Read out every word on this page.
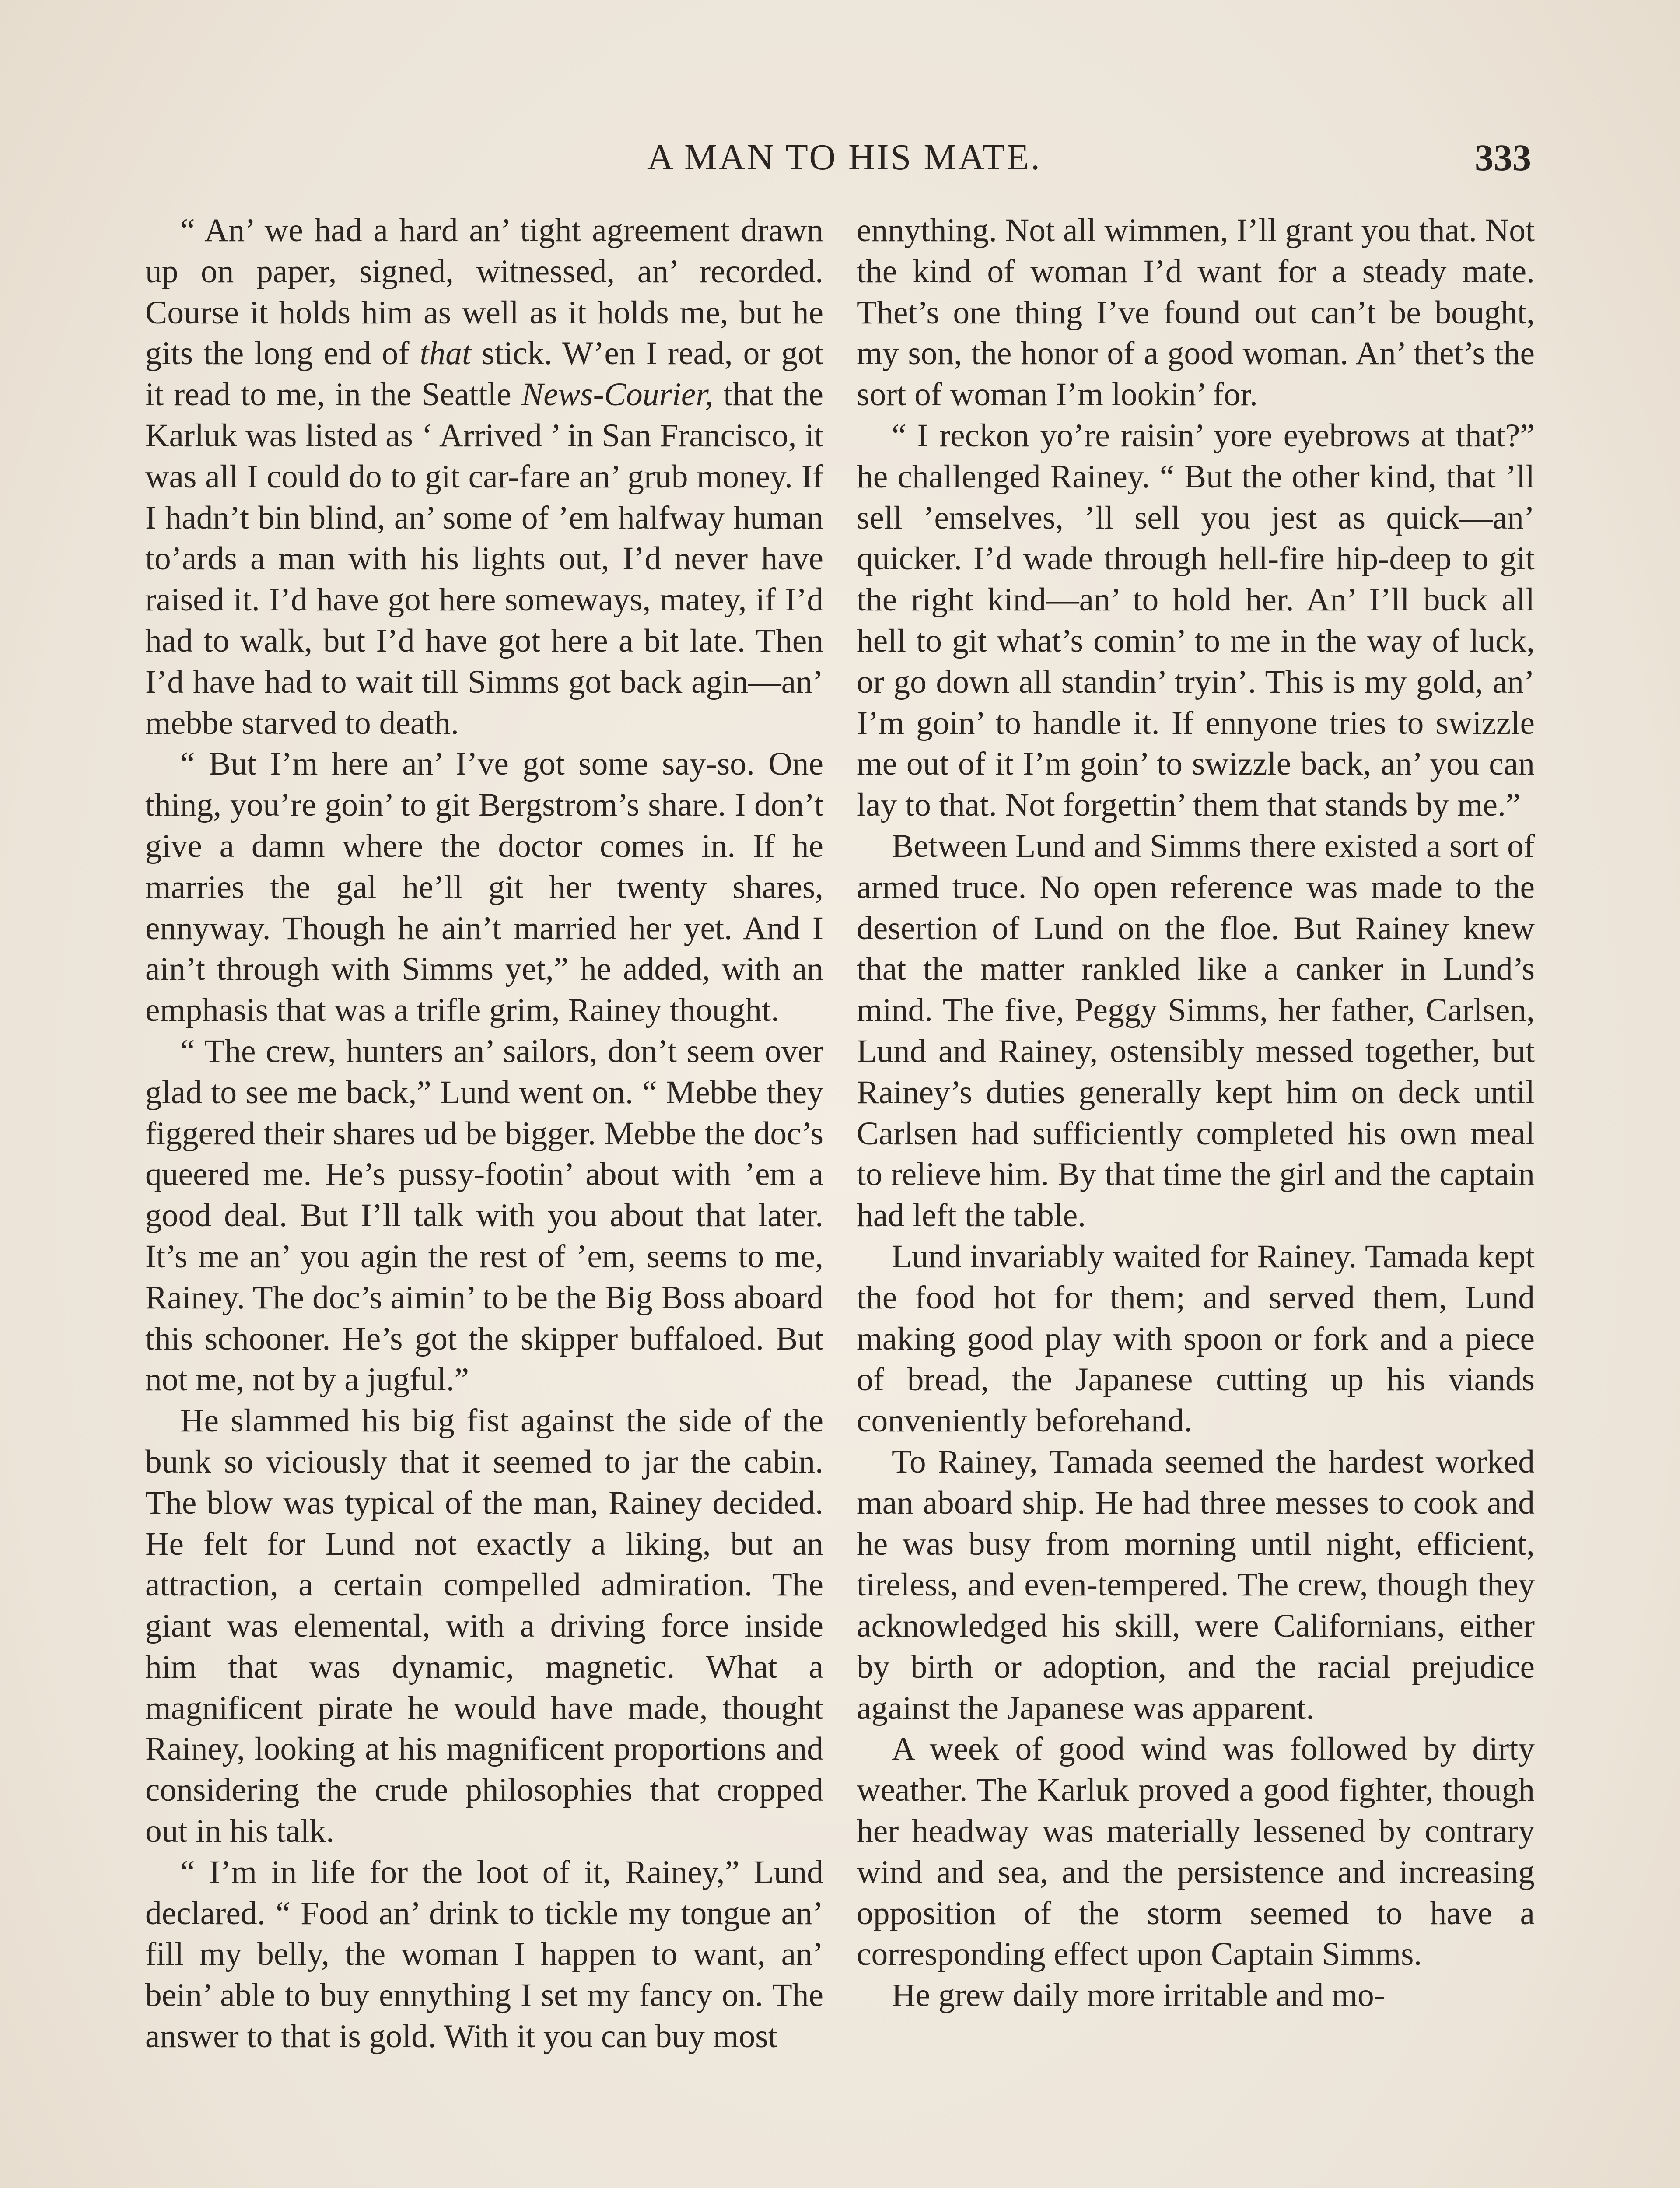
A MAN TO HIS MATE.	333

“ An’ we had a hard an’ tight agreement drawn up on paper, signed, witnessed, an’ recorded. Course it holds him as well as it holds me, but he gits the long end of that stick. W’en I read, or got it read to me, in the Seattle News-Courier, that the Karluk was listed as ‘ Arrived ’ in San Francisco, it was all I could do to git car-fare an’ grub money. If I hadn’t bin blind, an’ some of ’em halfway human to’ards a man with his lights out, I’d never have raised it. I’d have got here someways, matey, if I’d had to walk, but I’d have got here a bit late. Then I’d have had to wait till Simms got back agin—an’ mebbe starved to death.

“ But I’m here an’ I’ve got some say-so. One thing, you’re goin’ to git Bergstrom’s share. I don’t give a damn where the doctor comes in. If he marries the gal he’ll git her twenty shares, ennyway. Though he ain’t married her yet. And I ain’t through with Simms yet,” he added, with an emphasis that was a trifle grim, Rainey thought.

“ The crew, hunters an’ sailors, don’t seem over glad to see me back,” Lund went on. “ Mebbe they figgered their shares ud be bigger. Mebbe the doc’s queered me. He’s pussy-footin’ about with ’em a good deal. But I’ll talk with you about that later. It’s me an’ you agin the rest of ’em, seems to me, Rainey. The doc’s aimin’ to be the Big Boss aboard this schooner. He’s got the skipper buffaloed. But not me, not by a jugful.”

He slammed his big fist against the side of the bunk so viciously that it seemed to jar the cabin. The blow was typical of the man, Rainey decided. He felt for Lund not exactly a liking, but an attraction, a certain compelled admiration. The giant was elemental, with a driving force inside him that was dynamic, magnetic. What a magnificent pirate he would have made, thought Rainey, looking at his magnificent proportions and considering the crude philosophies that cropped out in his talk.

“ I’m in life for the loot of it, Rainey,” Lund declared. “ Food an’ drink to tickle my tongue an’ fill my belly, the woman I happen to want, an’ bein’ able to buy ennything I set my fancy on. The answer to that is gold. With it you can buy most

ennything. Not all wimmen, I’ll grant you that. Not the kind of woman I’d want for a steady mate. Thet’s one thing I’ve found out can’t be bought, my son, the honor of a good woman. An’ thet’s the sort of woman I’m lookin’ for.

“ I reckon yo’re raisin’ yore eyebrows at that?” he challenged Rainey. “ But the other kind, that ’ll sell ’emselves, ’ll sell you jest as quick—an’ quicker. I’d wade through hell-fire hip-deep to git the right kind—an’ to hold her. An’ I’ll buck all hell to git what’s comin’ to me in the way of luck, or go down all standin’ tryin’. This is my gold, an’ I’m goin’ to handle it. If ennyone tries to swizzle me out of it I’m goin’ to swizzle back, an’ you can lay to that. Not forgettin’ them that stands by me.”

Between Lund and Simms there existed a sort of armed truce. No open reference was made to the desertion of Lund on the floe. But Rainey knew that the matter rankled like a canker in Lund’s mind. The five, Peggy Simms, her father, Carlsen, Lund and Rainey, ostensibly messed together, but Rainey’s duties generally kept him on deck until Carlsen had sufficiently completed his own meal to relieve him. By that time the girl and the captain had left the table.

Lund invariably waited for Rainey. Tamada kept the food hot for them; and served them, Lund making good play with spoon or fork and a piece of bread, the Japanese cutting up his viands conveniently beforehand.

To Rainey, Tamada seemed the hardest worked man aboard ship. He had three messes to cook and he was busy from morning until night, efficient, tireless, and even-tempered. The crew, though they acknowledged his skill, were Californians, either by birth or adoption, and the racial prejudice against the Japanese was apparent.

A week of good wind was followed by dirty weather. The Karluk proved a good fighter, though her headway was materially lessened by contrary wind and sea, and the persistence and increasing opposition of the storm seemed to have a corresponding effect upon Captain Simms.

He grew daily more irritable and mo-
